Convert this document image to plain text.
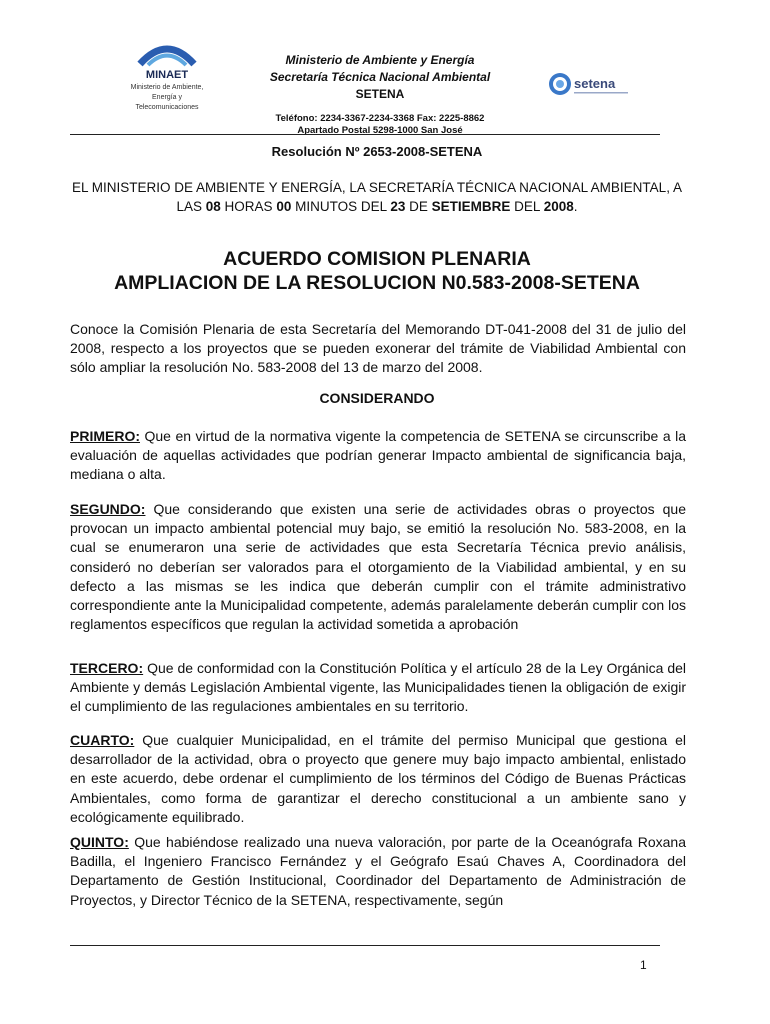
MINAET
Ministerio de Ambiente,
Energía y
Telecomunicaciones
Ministerio de Ambiente y Energía
Secretaría Técnica Nacional Ambiental
SETENA
Teléfono: 2234-3367-2234-3368 Fax: 2225-8862
Apartado Postal 5298-1000 San José
setena
Resolución Nº 2653-2008-SETENA
EL MINISTERIO DE AMBIENTE Y ENERGÍA, LA SECRETARÍA TÉCNICA NACIONAL AMBIENTAL, A LAS 08 HORAS 00 MINUTOS DEL 23 DE SETIEMBRE DEL 2008.
ACUERDO COMISION PLENARIA
AMPLIACION DE LA RESOLUCION N0.583-2008-SETENA
Conoce la Comisión Plenaria de esta Secretaría del Memorando DT-041-2008 del 31 de julio del 2008, respecto a los proyectos que se pueden exonerar del trámite de Viabilidad Ambiental con sólo ampliar la resolución No. 583-2008 del 13 de marzo del 2008.
CONSIDERANDO
PRIMERO: Que en virtud de la normativa vigente la competencia de SETENA se circunscribe a la evaluación de aquellas actividades que podrían generar Impacto ambiental de significancia baja, mediana o alta.
SEGUNDO: Que considerando que existen una serie de actividades obras o proyectos que provocan un impacto ambiental potencial muy bajo, se emitió la resolución No. 583-2008, en la cual se enumeraron una serie de actividades que esta Secretaría Técnica previo análisis, consideró no deberían ser valorados para el otorgamiento de la Viabilidad ambiental, y en su defecto a las mismas se les indica que deberán cumplir con el trámite administrativo correspondiente ante la Municipalidad competente, además paralelamente deberán cumplir con los reglamentos específicos que regulan la actividad sometida a aprobación
TERCERO: Que de conformidad con la Constitución Política y el artículo 28 de la Ley Orgánica del Ambiente y demás Legislación Ambiental vigente, las Municipalidades tienen la obligación de exigir el cumplimiento de las regulaciones ambientales en su territorio.
CUARTO: Que cualquier Municipalidad, en el trámite del permiso Municipal que gestiona el desarrollador de la actividad, obra o proyecto que genere muy bajo impacto ambiental, enlistado en este acuerdo, debe ordenar el cumplimiento de los términos del Código de Buenas Prácticas Ambientales, como forma de garantizar el derecho constitucional a un ambiente sano y ecológicamente equilibrado.
QUINTO: Que habiéndose realizado una nueva valoración, por parte de la Oceanógrafa Roxana Badilla, el Ingeniero Francisco Fernández y el Geógrafo Esaú Chaves A, Coordinadora del Departamento de Gestión Institucional, Coordinador del Departamento de Administración de Proyectos, y Director Técnico de la SETENA, respectivamente, según
1
